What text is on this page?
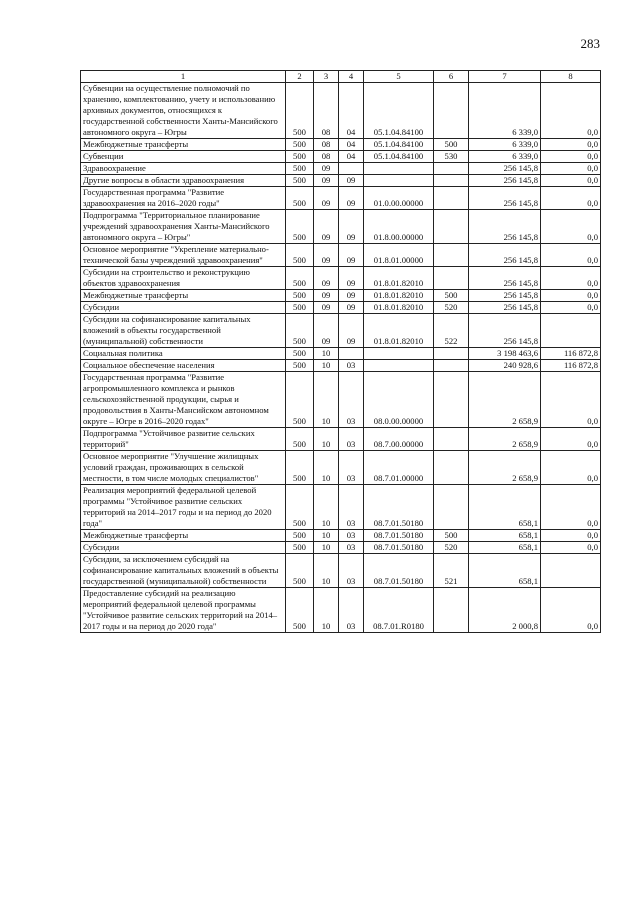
283
1	2	3	4	5	6	7	8
Субвенции на осуществление полномочий по хранению, комплектованию, учету и использованию архивных документов, относящихся к государственной собственности Ханты-Мансийского автономного округа – Югры	500	08	04	05.1.04.84100		6 339,0	0,0
Межбюджетные трансферты	500	08	04	05.1.04.84100	500	6 339,0	0,0
Субвенции	500	08	04	05.1.04.84100	530	6 339,0	0,0
Здравоохранение	500	09				256 145,8	0,0
Другие вопросы в области здравоохранения	500	09	09			256 145,8	0,0
Государственная программа "Развитие здравоохранения на 2016–2020 годы"	500	09	09	01.0.00.00000		256 145,8	0,0
Подпрограмма "Территориальное планирование учреждений здравоохранения Ханты-Мансийского автономного округа – Югры"	500	09	09	01.8.00.00000		256 145,8	0,0
Основное мероприятие "Укрепление материально-технической базы учреждений здравоохранения"	500	09	09	01.8.01.00000		256 145,8	0,0
Субсидии на строительство и реконструкцию объектов здравоохранения	500	09	09	01.8.01.82010		256 145,8	0,0
Межбюджетные трансферты	500	09	09	01.8.01.82010	500	256 145,8	0,0
Субсидии	500	09	09	01.8.01.82010	520	256 145,8	0,0
Субсидии на софинансирование капитальных вложений в объекты государственной (муниципальной) собственности	500	09	09	01.8.01.82010	522	256 145,8	
Социальная политика	500	10				3 198 463,6	116 872,8
Социальное обеспечение населения	500	10	03			240 928,6	116 872,8
Государственная программа "Развитие агропромышленного комплекса и рынков сельскохозяйственной продукции, сырья и продовольствия в Ханты-Мансийском автономном округе – Югре в 2016–2020 годах"	500	10	03	08.0.00.00000		2 658,9	0,0
Подпрограмма "Устойчивое развитие сельских территорий"	500	10	03	08.7.00.00000		2 658,9	0,0
Основное мероприятие "Улучшение жилищных условий граждан, проживающих в сельской местности, в том числе молодых специалистов"	500	10	03	08.7.01.00000		2 658,9	0,0
Реализация мероприятий федеральной целевой программы "Устойчивое развитие сельских территорий на 2014–2017 годы и на период до 2020 года"	500	10	03	08.7.01.50180		658,1	0,0
Межбюджетные трансферты	500	10	03	08.7.01.50180	500	658,1	0,0
Субсидии	500	10	03	08.7.01.50180	520	658,1	0,0
Субсидии, за исключением субсидий на софинансирование капитальных вложений в объекты государственной (муниципальной) собственности	500	10	03	08.7.01.50180	521	658,1	
Предоставление субсидий на реализацию мероприятий федеральной целевой программы "Устойчивое развитие сельских территорий на 2014–2017 годы и на период до 2020 года"	500	10	03	08.7.01.R0180		2 000,8	0,0
